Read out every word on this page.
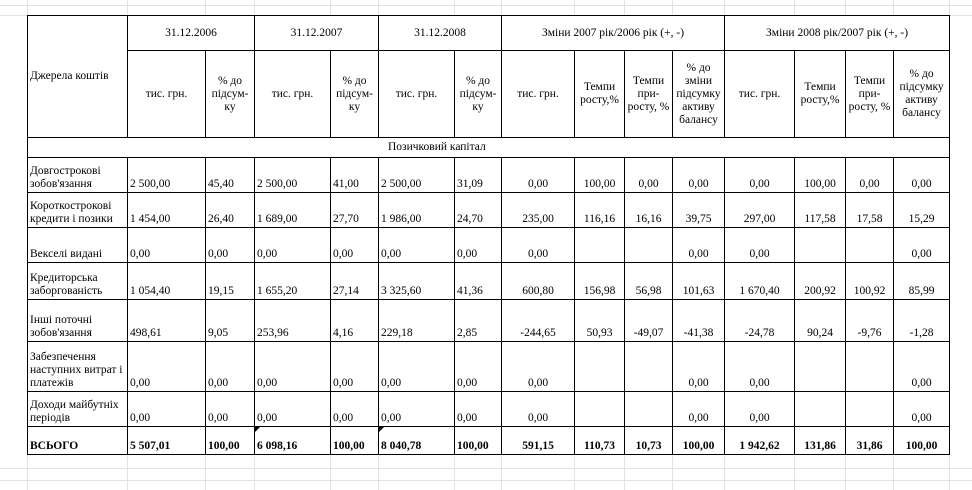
Джерела коштів	31.12.2006		31.12.2007		31.12.2008		Зміни 2007 рік/2006 рік (+, -)				Зміни 2008 рік/2007 рік (+, -)			
	тис. грн.	% до підсум-ку	тис. грн.	% до підсум-ку	тис. грн.	% до підсум-ку	тис. грн.	Темпи росту,%	Темпи при-росту, %	% до зміни підсумку активу балансу	тис. грн.	Темпи росту,%	Темпи при-росту, %	% до підсумку активу балансу
Позичковий капітал														
Довгострокові зобов'язання	2 500,00	45,40	2 500,00	41,00	2 500,00	31,09	0,00	100,00	0,00	0,00	0,00	100,00	0,00	0,00
Короткострокові кредити і позики	1 454,00	26,40	1 689,00	27,70	1 986,00	24,70	235,00	116,16	16,16	39,75	297,00	117,58	17,58	15,29
Векселі видані	0,00	0,00	0,00	0,00	0,00	0,00	0,00			0,00	0,00			0,00
Кредиторська заборгованість	1 054,40	19,15	1 655,20	27,14	3 325,60	41,36	600,80	156,98	56,98	101,63	1 670,40	200,92	100,92	85,99
Інші поточні зобов'язання	498,61	9,05	253,96	4,16	229,18	2,85	-244,65	50,93	-49,07	-41,38	-24,78	90,24	-9,76	-1,28
Забезпечення наступних витрат і платежів	0,00	0,00	0,00	0,00	0,00	0,00	0,00			0,00	0,00			0,00
Доходи майбутніх періодів	0,00	0,00	0,00	0,00	0,00	0,00	0,00			0,00	0,00			0,00
ВСЬОГО	5 507,01	100,00	6 098,16	100,00	8 040,78	100,00	591,15	110,73	10,73	100,00	1 942,62	131,86	31,86	100,00
